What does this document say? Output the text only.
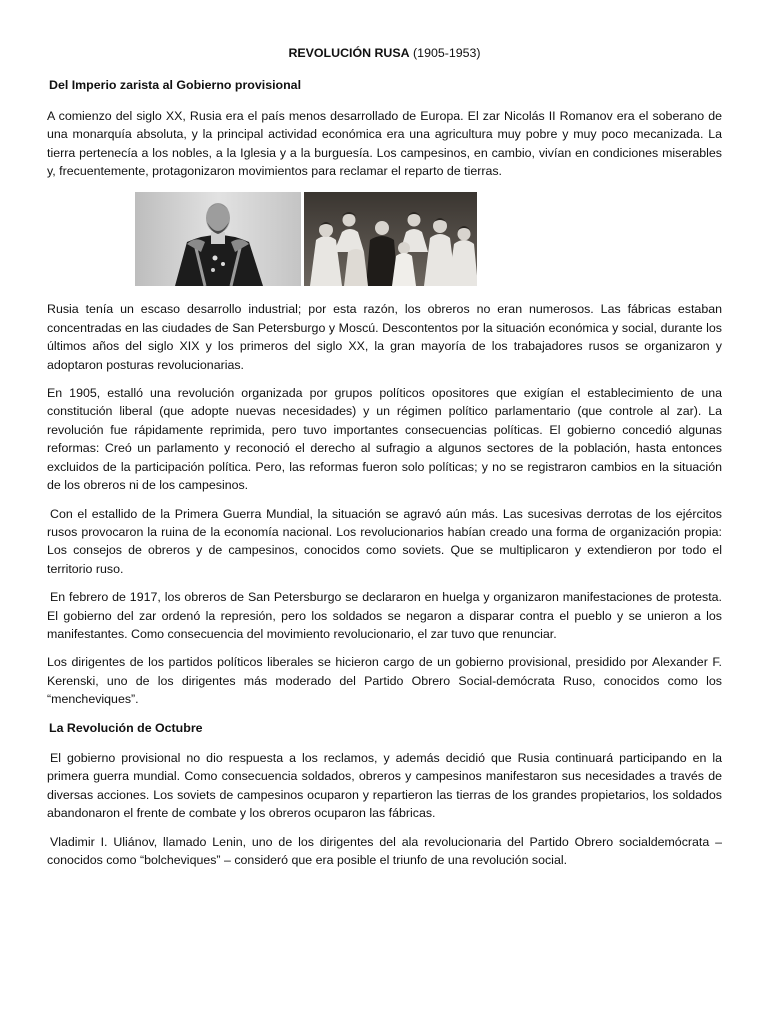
REVOLUCIÓN RUSA (1905-1953)
Del Imperio zarista al Gobierno provisional

A comienzo del siglo XX, Rusia era el país menos desarrollado de Europa. El zar Nicolás II Romanov era el soberano de una monarquía absoluta, y la principal actividad económica era una agricultura muy pobre y muy poco mecanizada. La tierra pertenecía a los nobles, a la Iglesia y a la burguesía. Los campesinos, en cambio, vivían en condiciones miserables y, frecuentemente, protagonizaron movimientos para reclamar el reparto de tierras.

Rusia tenía un escaso desarrollo industrial; por esta razón, los obreros no eran numerosos. Las fábricas estaban concentradas en las ciudades de San Petersburgo y Moscú. Descontentos por la situación económica y social, durante los últimos años del siglo XIX y los primeros del siglo XX, la gran mayoría de los trabajadores rusos se organizaron y adoptaron posturas revolucionarias.

En 1905, estalló una revolución organizada por grupos políticos opositores que exigían el establecimiento de una constitución liberal (que adopte nuevas necesidades) y un régimen político parlamentario (que controle al zar). La revolución fue rápidamente reprimida, pero tuvo importantes consecuencias políticas. El gobierno concedió algunas reformas: Creó un parlamento y reconoció el derecho al sufragio a algunos sectores de la población, hasta entonces excluidos de la participación política. Pero, las reformas fueron solo políticas; y no se registraron cambios en la situación de los obreros ni de los campesinos.

Con el estallido de la Primera Guerra Mundial, la situación se agravó aún más. Las sucesivas derrotas de los ejércitos rusos provocaron la ruina de la economía nacional. Los revolucionarios habían creado una forma de organización propia: Los consejos de obreros y de campesinos, conocidos como soviets. Que se multiplicaron y extendieron por todo el territorio ruso.

En febrero de 1917, los obreros de San Petersburgo se declararon en huelga y organizaron manifestaciones de protesta. El gobierno del zar ordenó la represión, pero los soldados se negaron a disparar contra el pueblo y se unieron a los manifestantes. Como consecuencia del movimiento revolucionario, el zar tuvo que renunciar.

Los dirigentes de los partidos políticos liberales se hicieron cargo de un gobierno provisional, presidido por Alexander F. Kerenski, uno de los dirigentes más moderado del Partido Obrero Social-demócrata Ruso, conocidos como los “mencheviques”.

La Revolución de Octubre

El gobierno provisional no dio respuesta a los reclamos, y además decidió que Rusia continuará participando en la primera guerra mundial. Como consecuencia soldados, obreros y campesinos manifestaron sus necesidades a través de diversas acciones. Los soviets de campesinos ocuparon y repartieron las tierras de los grandes propietarios, los soldados abandonaron el frente de combate y los obreros ocuparon las fábricas.

Vladimir I. Uliánov, llamado Lenin, uno de los dirigentes del ala revolucionaria del Partido Obrero socialdemócrata – conocidos como “bolcheviques” – consideró que era posible el triunfo de una revolución social.
